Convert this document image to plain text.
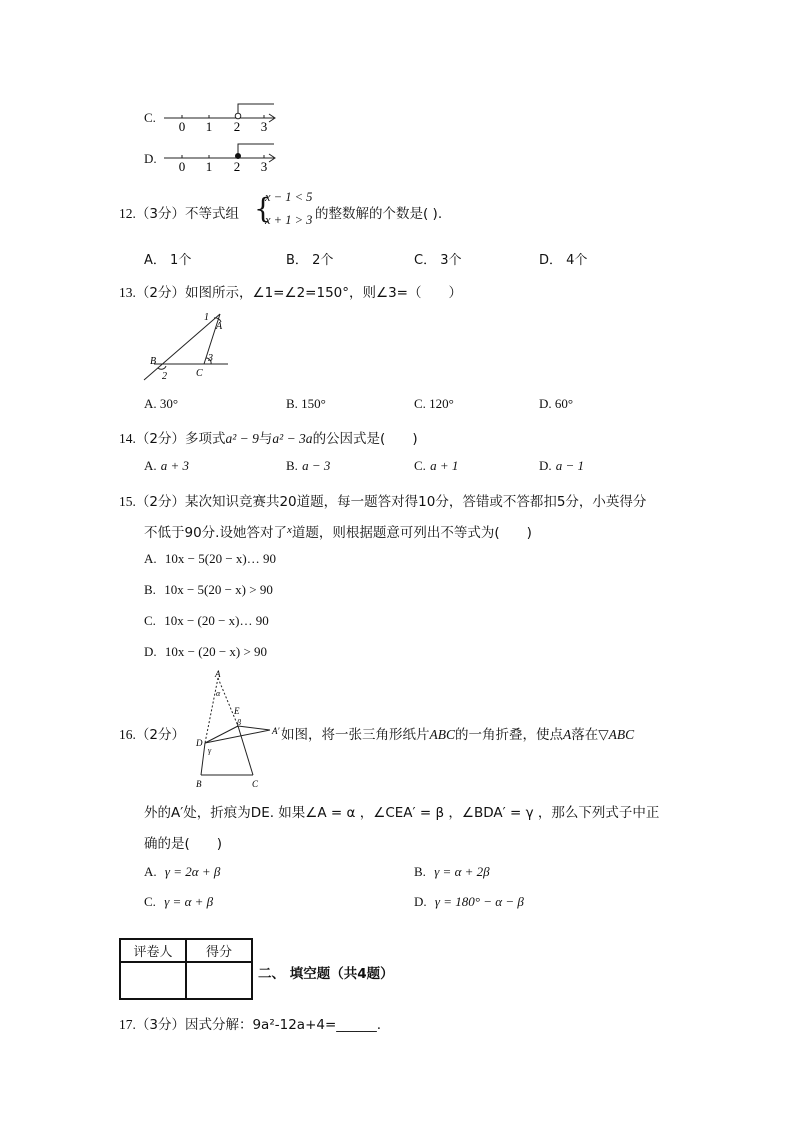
C.
0 1 2 3
D.
0 1 2 3
12.（3分）不等式组 {
x − 1 < 5
x + 1 > 3 的整数解的个数是( ).
A． 1个	B． 2个	C． 3个	D． 4个
13.（2分）如图所示，∠1=∠2=150°，则∠3=（　　）
1
A
B
2	C
3
A. 30°	B. 150°	C. 120°	D. 60°
14.（2分）多项式a² − 9与a² − 3a的公因式是(　　)
A. a + 3	B. a − 3	C. a + 1	D. a − 1
15.（2分）某次知识竞赛共20道题，每一题答对得10分，答错或不答都扣5分，小英得分
不低于90分.设她答对了$^x$道题，则根据题意可列出不等式为(　　)
A. 10x − 5(20 − x)… 90
B. 10x − 5(20 − x) > 90
C. 10x − (20 − x)… 90
D. 10x − (20 − x) > 90
16.（2分）
A
α
E
β
A′
D
γ
B	C
如图，将一张三角形纸片ABC的一角折叠，使点A落在▽ABC
外的A′处，折痕为DE. 如果∠A = α ，∠CEA′ = β ，∠BDA′ = γ ，那么下列式子中正
确的是(　　)
A. γ = 2α + β	B. γ = α + 2β
C. γ = α + β	D. γ = 180° − α − β
评卷人	得分

二、 填空题（共4题）
17.（3分）因式分解：9a²-12a+4=______.
